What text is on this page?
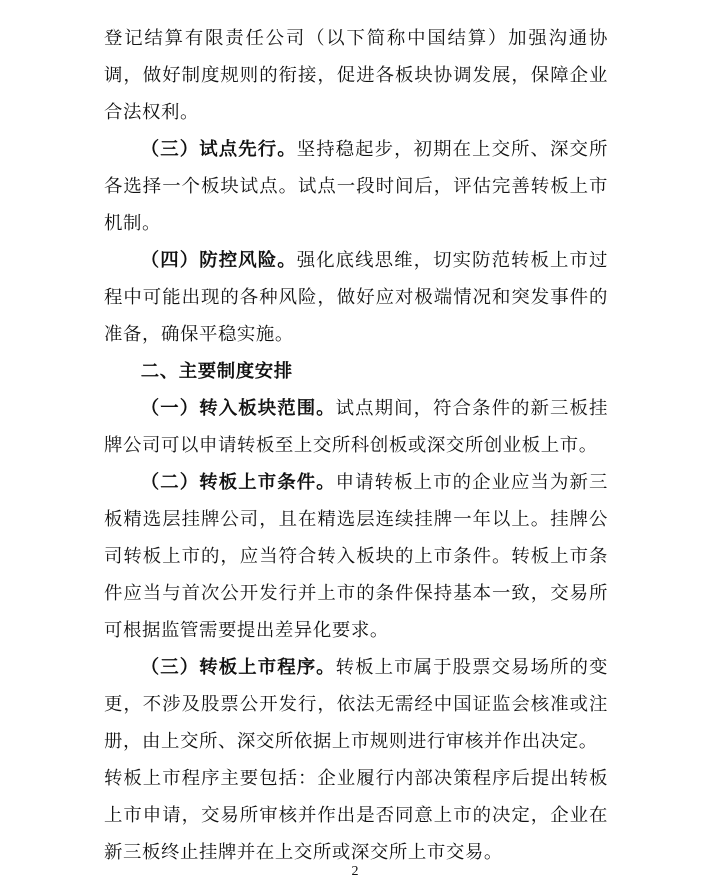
登记结算有限责任公司（以下简称中国结算）加强沟通协调，做好制度规则的衔接，促进各板块协调发展，保障企业合法权利。

（三）试点先行。坚持稳起步，初期在上交所、深交所各选择一个板块试点。试点一段时间后，评估完善转板上市机制。

（四）防控风险。强化底线思维，切实防范转板上市过程中可能出现的各种风险，做好应对极端情况和突发事件的准备，确保平稳实施。

二、主要制度安排

（一）转入板块范围。试点期间，符合条件的新三板挂牌公司可以申请转板至上交所科创板或深交所创业板上市。

（二）转板上市条件。申请转板上市的企业应当为新三板精选层挂牌公司，且在精选层连续挂牌一年以上。挂牌公司转板上市的，应当符合转入板块的上市条件。转板上市条件应当与首次公开发行并上市的条件保持基本一致，交易所可根据监管需要提出差异化要求。

（三）转板上市程序。转板上市属于股票交易场所的变更，不涉及股票公开发行，依法无需经中国证监会核准或注册，由上交所、深交所依据上市规则进行审核并作出决定。

转板上市程序主要包括：企业履行内部决策程序后提出转板上市申请，交易所审核并作出是否同意上市的决定，企业在新三板终止挂牌并在上交所或深交所上市交易。

2
